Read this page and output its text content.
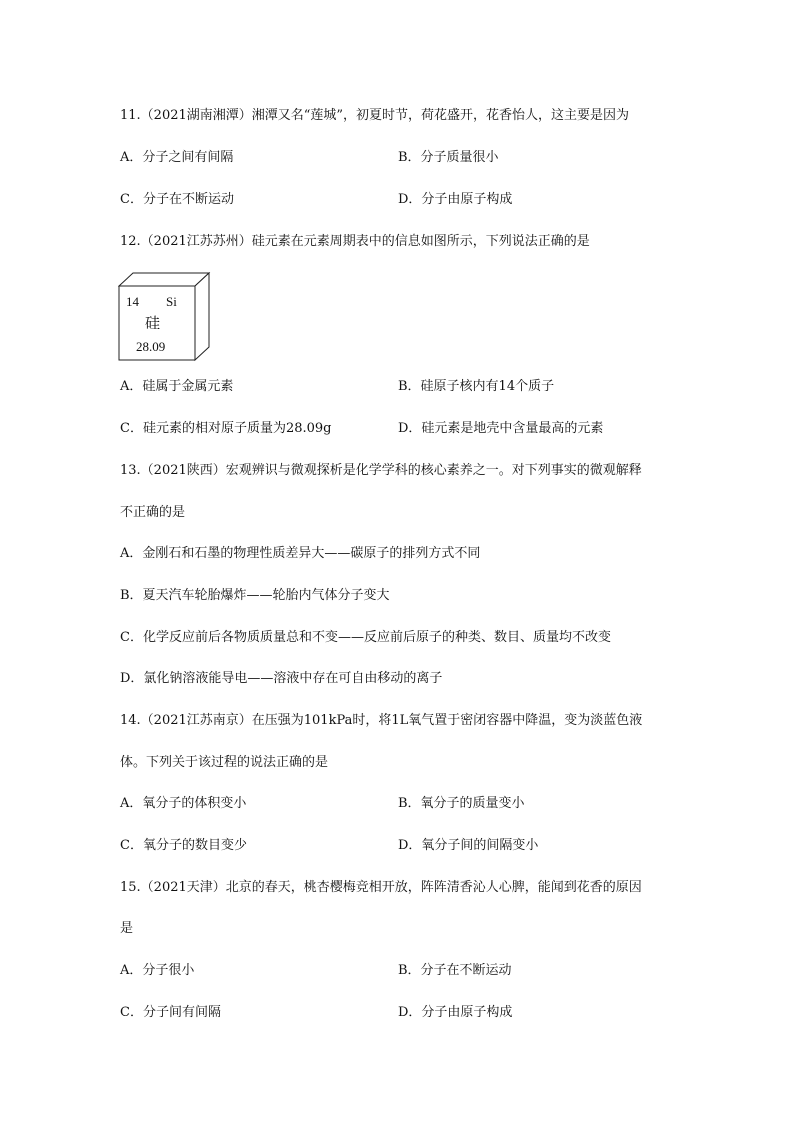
11.（2021湖南湘潭）湘潭又名“莲城”，初夏时节，荷花盛开，花香怡人，这主要是因为
A．分子之间有间隔	B．分子质量很小
C．分子在不断运动	D．分子由原子构成
12.（2021江苏苏州）硅元素在元素周期表中的信息如图所示，下列说法正确的是
14 Si
硅
28.09
A．硅属于金属元素	B．硅原子核内有14个质子
C．硅元素的相对原子质量为28.09g	D．硅元素是地壳中含量最高的元素
13.（2021陕西）宏观辨识与微观探析是化学学科的核心素养之一。对下列事实的微观解释
不正确的是
A．金刚石和石墨的物理性质差异大——碳原子的排列方式不同
B．夏天汽车轮胎爆炸——轮胎内气体分子变大
C．化学反应前后各物质质量总和不变——反应前后原子的种类、数目、质量均不改变
D．氯化钠溶液能导电——溶液中存在可自由移动的离子
14.（2021江苏南京）在压强为101kPa时，将1L氧气置于密闭容器中降温，变为淡蓝色液
体。下列关于该过程的说法正确的是
A．氧分子的体积变小	B．氧分子的质量变小
C．氧分子的数目变少	D．氧分子间的间隔变小
15.（2021天津）北京的春天，桃杏樱梅竞相开放，阵阵清香沁人心脾，能闻到花香的原因
是
A．分子很小	B．分子在不断运动
C．分子间有间隔	D．分子由原子构成
